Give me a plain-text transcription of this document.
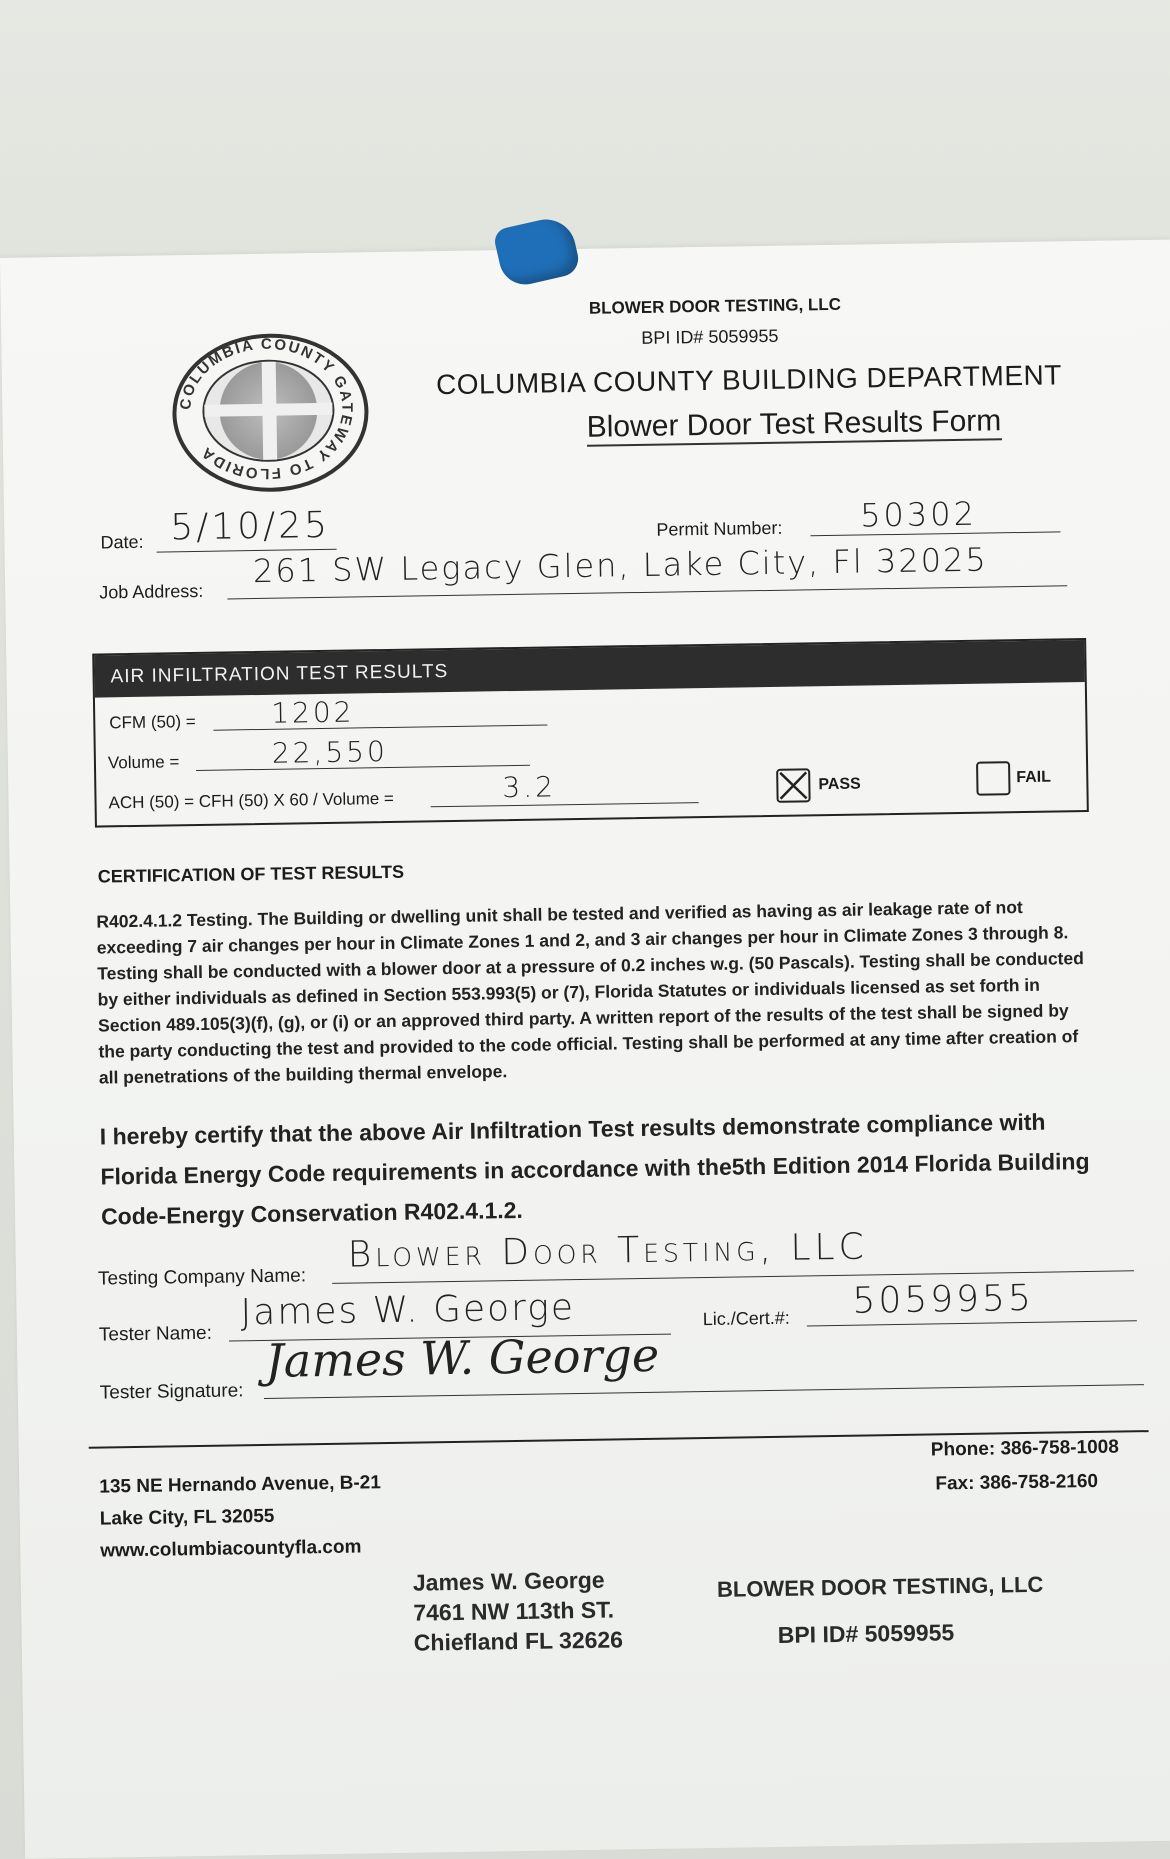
COLUMBIA COUNTY GATEWAY TO FLORIDA
BLOWER DOOR TESTING, LLC
BPI ID# 5059955
COLUMBIA COUNTY BUILDING DEPARTMENT
Blower Door Test Results Form
Date: 5/10/25	Permit Number: 50302
Job Address:
261 SW Legacy Glen, Lake City, Fl 32025
AIR INFILTRATION TEST RESULTS
CFM (50) =	1202
Volume =	22,550
ACH (50) = CFH (50) X 60 / Volume =	3.2	PASS	FAIL
CERTIFICATION OF TEST RESULTS
R402.4.1.2 Testing. The Building or dwelling unit shall be tested and verified as having as air leakage rate of not exceeding 7 air changes per hour in Climate Zones 1 and 2, and 3 air changes per hour in Climate Zones 3 through 8. Testing shall be conducted with a blower door at a pressure of 0.2 inches w.g. (50 Pascals). Testing shall be conducted by either individuals as defined in Section 553.993(5) or (7), Florida Statutes or individuals licensed as set forth in Section 489.105(3)(f), (g), or (i) or an approved third party. A written report of the results of the test shall be signed by the party conducting the test and provided to the code official. Testing shall be performed at any time after creation of all penetrations of the building thermal envelope.
I hereby certify that the above Air Infiltration Test results demonstrate compliance with Florida Energy Code requirements in accordance with the5th Edition 2014 Florida Building Code-Energy Conservation R402.4.1.2.
Testing Company Name:
Blower Door Testing, LLC
Tester Name:
James W. George	Lic./Cert.#: 5059955
Tester Signature:
James W. George
135 NE Hernando Avenue, B-21
Lake City, FL 32055
www.columbiacountyfla.com
Phone: 386-758-1008
Fax: 386-758-2160
James W. George
7461 NW 113th ST.
Chiefland FL 32626
BLOWER DOOR TESTING, LLC
BPI ID# 5059955
